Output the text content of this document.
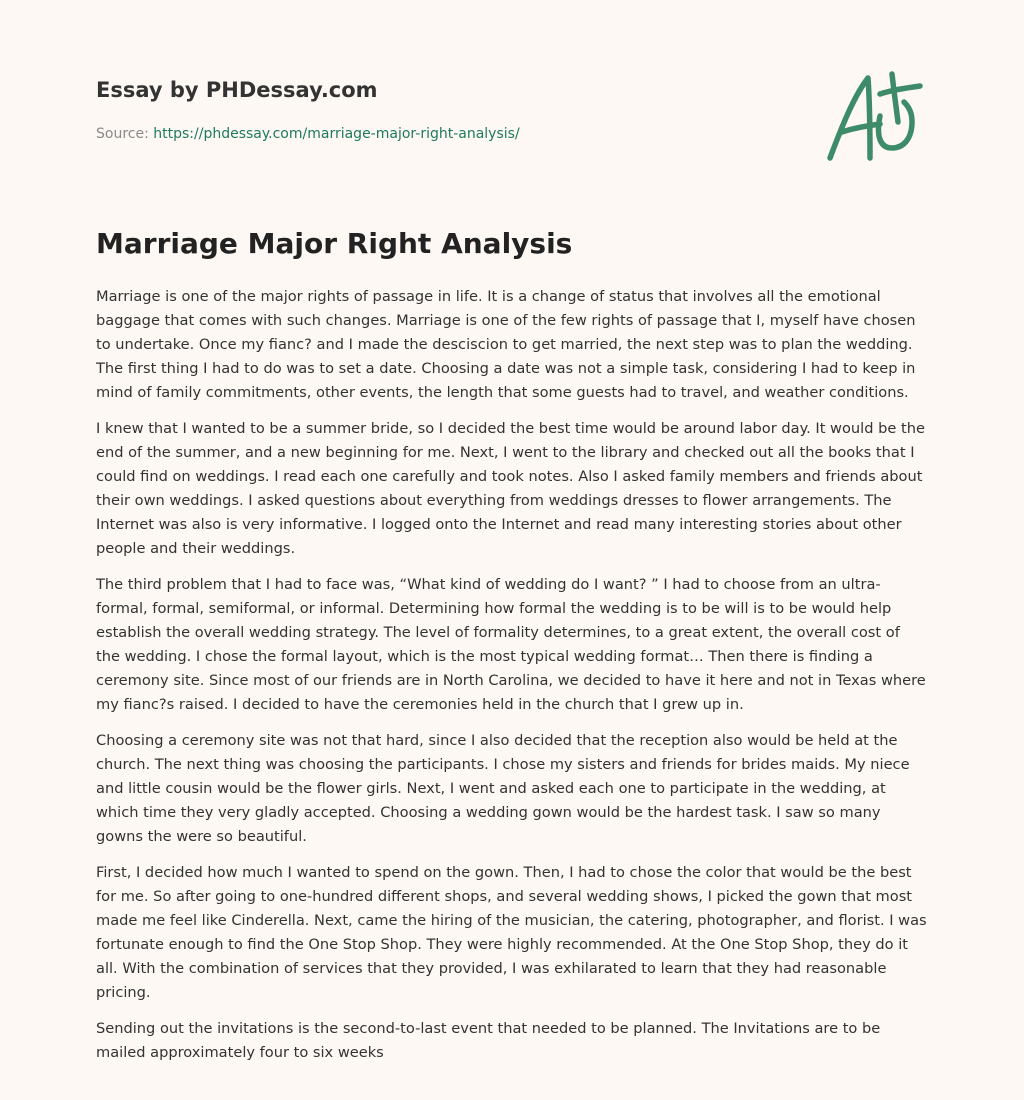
Essay by PHDessay.com
Source: https://phdessay.com/marriage-major-right-analysis/
Marriage Major Right Analysis

Marriage is one of the major rights of passage in life. It is a change of status that involves all the emotional baggage that comes with such changes. Marriage is one of the few rights of passage that I, myself have chosen to undertake. Once my fianc? and I made the desciscion to get married, the next step was to plan the wedding. The first thing I had to do was to set a date. Choosing a date was not a simple task, considering I had to keep in mind of family commitments, other events, the length that some guests had to travel, and weather conditions.

I knew that I wanted to be a summer bride, so I decided the best time would be around labor day. It would be the end of the summer, and a new beginning for me. Next, I went to the library and checked out all the books that I could find on weddings. I read each one carefully and took notes. Also I asked family members and friends about their own weddings. I asked questions about everything from weddings dresses to flower arrangements. The Internet was also is very informative. I logged onto the Internet and read many interesting stories about other people and their weddings.

The third problem that I had to face was, “What kind of wedding do I want? ” I had to choose from an ultra-formal, formal, semiformal, or informal. Determining how formal the wedding is to be will is to be would help establish the overall wedding strategy. The level of formality determines, to a great extent, the overall cost of the wedding. I chose the formal layout, which is the most typical wedding format… Then there is finding a ceremony site. Since most of our friends are in North Carolina, we decided to have it here and not in Texas where my fianc?s raised. I decided to have the ceremonies held in the church that I grew up in.

Choosing a ceremony site was not that hard, since I also decided that the reception also would be held at the church. The next thing was choosing the participants. I chose my sisters and friends for brides maids. My niece and little cousin would be the flower girls. Next, I went and asked each one to participate in the wedding, at which time they very gladly accepted. Choosing a wedding gown would be the hardest task. I saw so many gowns the were so beautiful.

First, I decided how much I wanted to spend on the gown. Then, I had to chose the color that would be the best for me. So after going to one-hundred different shops, and several wedding shows, I picked the gown that most made me feel like Cinderella. Next, came the hiring of the musician, the catering, photographer, and florist. I was fortunate enough to find the One Stop Shop. They were highly recommended. At the One Stop Shop, they do it all. With the combination of services that they provided, I was exhilarated to learn that they had reasonable pricing.

Sending out the invitations is the second-to-last event that needed to be planned. The Invitations are to be mailed approximately four to six weeks
